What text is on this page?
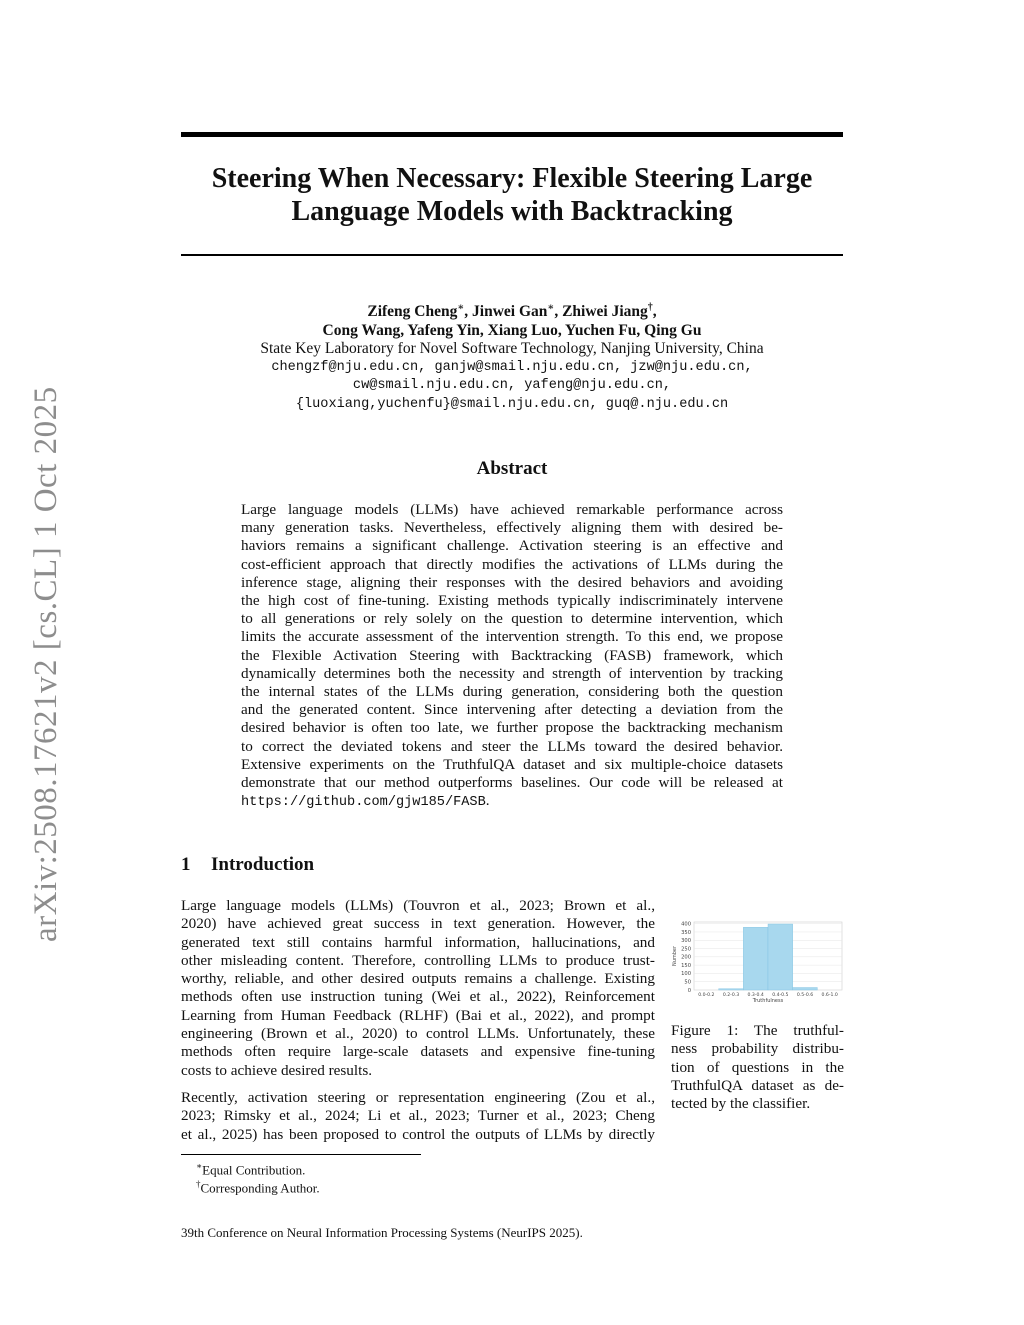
arXiv:2508.17621v2 [cs.CL] 1 Oct 2025
Steering When Necessary: Flexible Steering Large
Language Models with Backtracking
Zifeng Cheng∗, Jinwei Gan∗, Zhiwei Jiang†,
Cong Wang, Yafeng Yin, Xiang Luo, Yuchen Fu, Qing Gu
State Key Laboratory for Novel Software Technology, Nanjing University, China
chengzf@nju.edu.cn, ganjw@smail.nju.edu.cn, jzw@nju.edu.cn,
cw@smail.nju.edu.cn, yafeng@nju.edu.cn,
{luoxiang,yuchenfu}@smail.nju.edu.cn, guq@.nju.edu.cn
Abstract
Large language models (LLMs) have achieved remarkable performance across
many generation tasks. Nevertheless, effectively aligning them with desired be-
haviors remains a significant challenge. Activation steering is an effective and
cost-efficient approach that directly modifies the activations of LLMs during the
inference stage, aligning their responses with the desired behaviors and avoiding
the high cost of fine-tuning. Existing methods typically indiscriminately intervene
to all generations or rely solely on the question to determine intervention, which
limits the accurate assessment of the intervention strength. To this end, we propose
the Flexible Activation Steering with Backtracking (FASB) framework, which
dynamically determines both the necessity and strength of intervention by tracking
the internal states of the LLMs during generation, considering both the question
and the generated content. Since intervening after detecting a deviation from the
desired behavior is often too late, we further propose the backtracking mechanism
to correct the deviated tokens and steer the LLMs toward the desired behavior.
Extensive experiments on the TruthfulQA dataset and six multiple-choice datasets
demonstrate that our method outperforms baselines. Our code will be released at
https://github.com/gjw185/FASB.
1 Introduction
Large language models (LLMs) (Touvron et al., 2023; Brown et al.,
2020) have achieved great success in text generation. However, the
generated text still contains harmful information, hallucinations, and
other misleading content. Therefore, controlling LLMs to produce trust-
worthy, reliable, and other desired outputs remains a challenge. Existing
methods often use instruction tuning (Wei et al., 2022), Reinforcement
Learning from Human Feedback (RLHF) (Bai et al., 2022), and prompt
engineering (Brown et al., 2020) to control LLMs. Unfortunately, these
methods often require large-scale datasets and expensive fine-tuning
costs to achieve desired results.
Recently, activation steering or representation engineering (Zou et al.,
2023; Rimsky et al., 2024; Li et al., 2023; Turner et al., 2023; Cheng
et al., 2025) has been proposed to control the outputs of LLMs by directly
0
50
100
150
200
250
300
350
400
0.0-0.2 0.2-0.3 0.3-0.4 0.4-0.5 0.5-0.6 0.6-1.0
Truthfulness
Number
Figure 1: The truthful-
ness probability distribu-
tion of questions in the
TruthfulQA dataset as de-
tected by the classifier.
∗Equal Contribution.
†Corresponding Author.
39th Conference on Neural Information Processing Systems (NeurIPS 2025).
